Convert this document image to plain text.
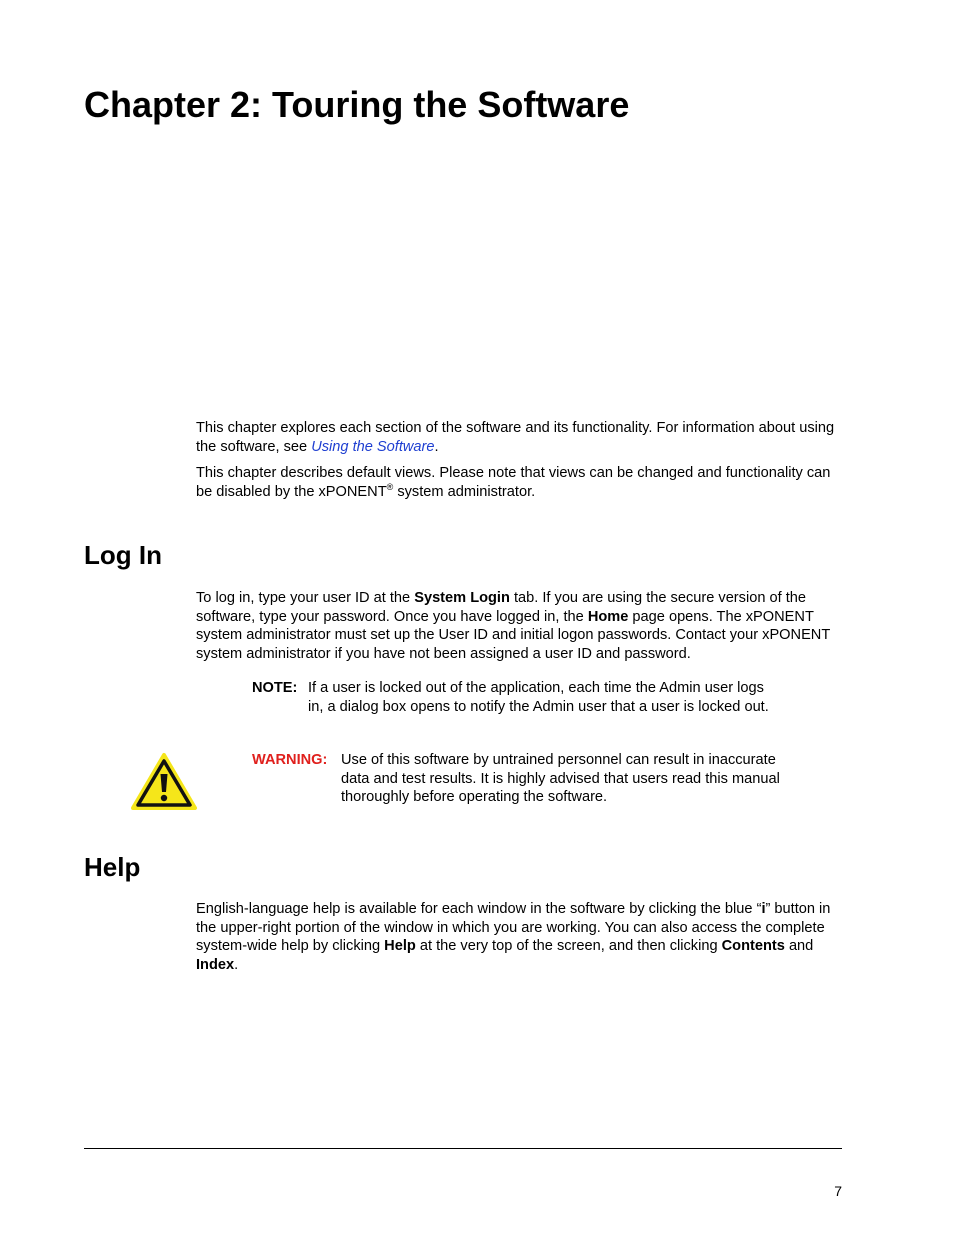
Chapter 2: Touring the Software

This chapter explores each section of the software and its functionality. For information about using the software, see Using the Software.

This chapter describes default views. Please note that views can be changed and functionality can be disabled by the xPONENT® system administrator.

Log In

To log in, type your user ID at the System Login tab. If you are using the secure version of the software, type your password. Once you have logged in, the Home page opens. The xPONENT system administrator must set up the User ID and initial logon passwords. Contact your xPONENT system administrator if you have not been assigned a user ID and password.

NOTE: If a user is locked out of the application, each time the Admin user logs in, a dialog box opens to notify the Admin user that a user is locked out.

WARNING: Use of this software by untrained personnel can result in inaccurate data and test results. It is highly advised that users read this manual thoroughly before operating the software.

Help

English-language help is available for each window in the software by clicking the blue “i” button in the upper-right portion of the window in which you are working. You can also access the complete system-wide help by clicking Help at the very top of the screen, and then clicking Contents and Index.

7
